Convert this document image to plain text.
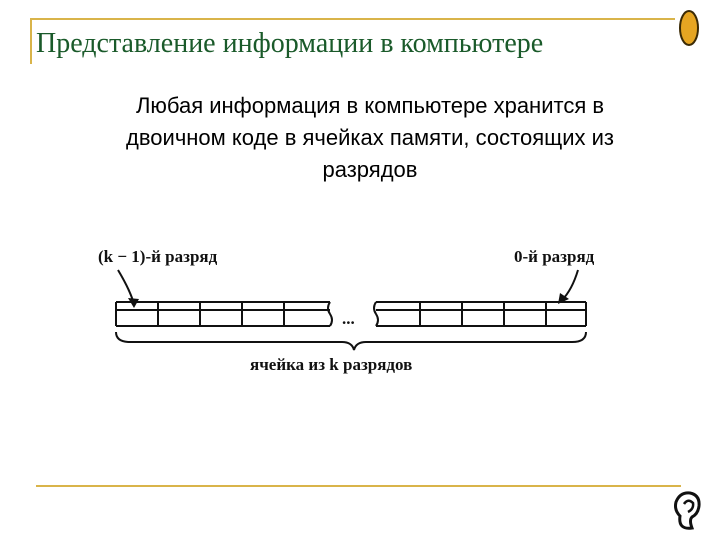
Представление информации в компьютере
Любая информация в компьютере хранится в
двоичном коде в ячейках памяти, состоящих из
разрядов
(k − 1)-й разряд	0-й разряд
...
ячейка из k разрядов
